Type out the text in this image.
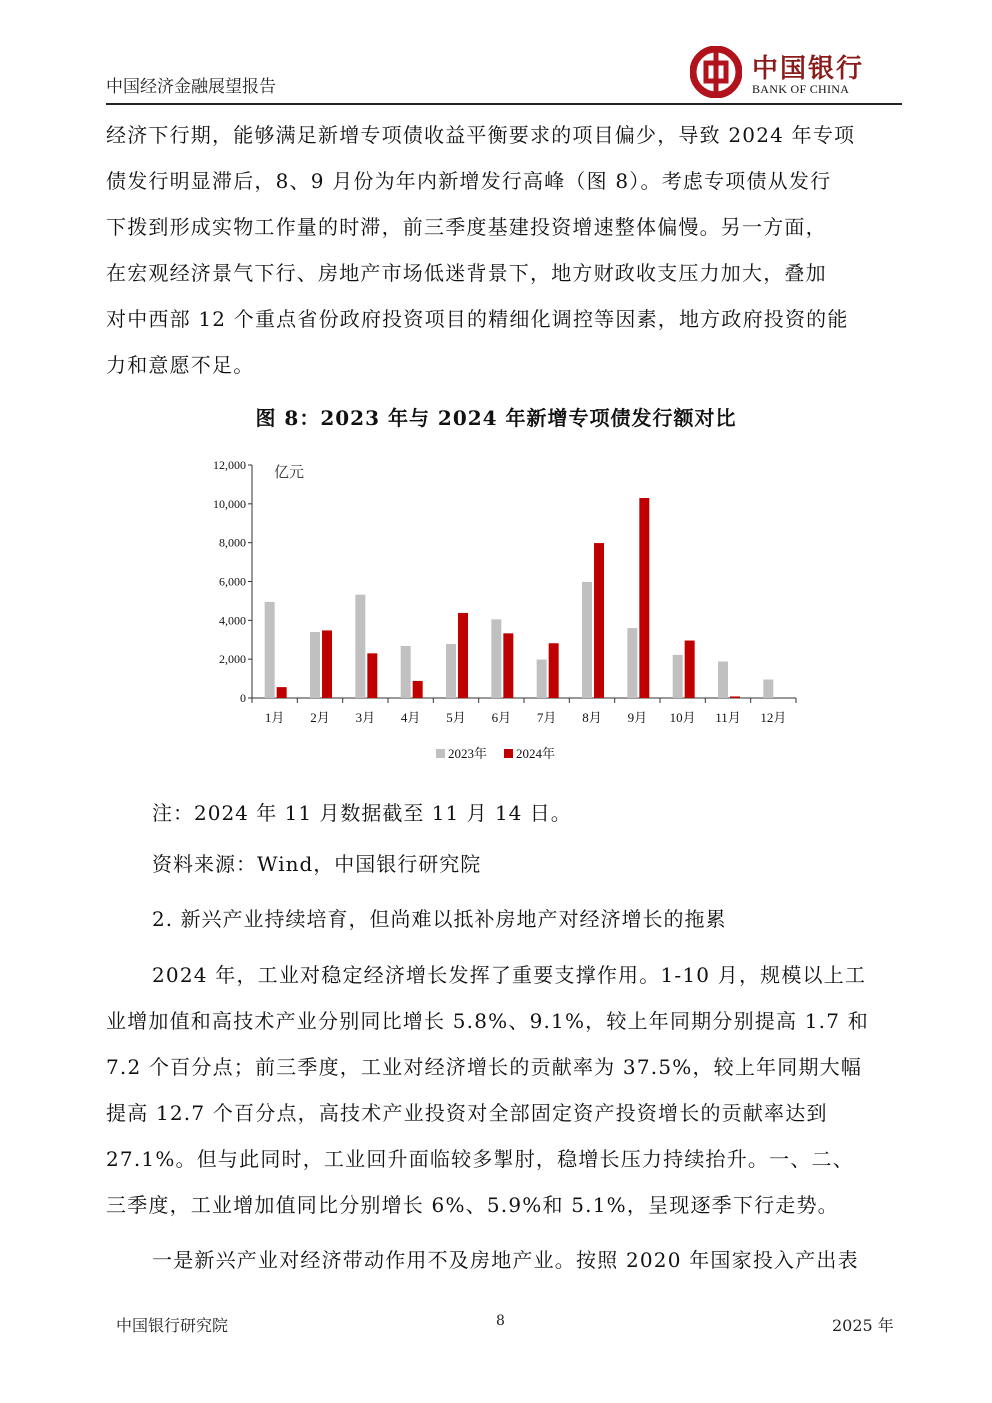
中国经济金融展望报告
中国银行
BANK OF CHINA
经济下行期，能够满足新增专项债收益平衡要求的项目偏少，导致 2024 年专项
债发行明显滞后，8、9 月份为年内新增发行高峰（图 8）。考虑专项债从发行
下拨到形成实物工作量的时滞，前三季度基建投资增速整体偏慢。另一方面，
在宏观经济景气下行、房地产市场低迷背景下，地方财政收支压力加大，叠加
对中西部 12 个重点省份政府投资项目的精细化调控等因素，地方政府投资的能
力和意愿不足。
图 8：2023 年与 2024 年新增专项债发行额对比
0
2,000
4,000
6,000
8,000
10,000
12,000 亿元
1月 2月 3月 4月 5月 6月 7月 8月 9月 10月 11月 12月
2023年 2024年
注：2024 年 11 月数据截至 11 月 14 日。
资料来源：Wind，中国银行研究院
2. 新兴产业持续培育，但尚难以抵补房地产对经济增长的拖累
2024 年，工业对稳定经济增长发挥了重要支撑作用。1-10 月，规模以上工
业增加值和高技术产业分别同比增长 5.8%、9.1%，较上年同期分别提高 1.7 和
7.2 个百分点；前三季度，工业对经济增长的贡献率为 37.5%，较上年同期大幅
提高 12.7 个百分点，高技术产业投资对全部固定资产投资增长的贡献率达到
27.1%。但与此同时，工业回升面临较多掣肘，稳增长压力持续抬升。一、二、
三季度，工业增加值同比分别增长 6%、5.9%和 5.1%，呈现逐季下行走势。
一是新兴产业对经济带动作用不及房地产业。按照 2020 年国家投入产出表
中国银行研究院	8	2025 年
